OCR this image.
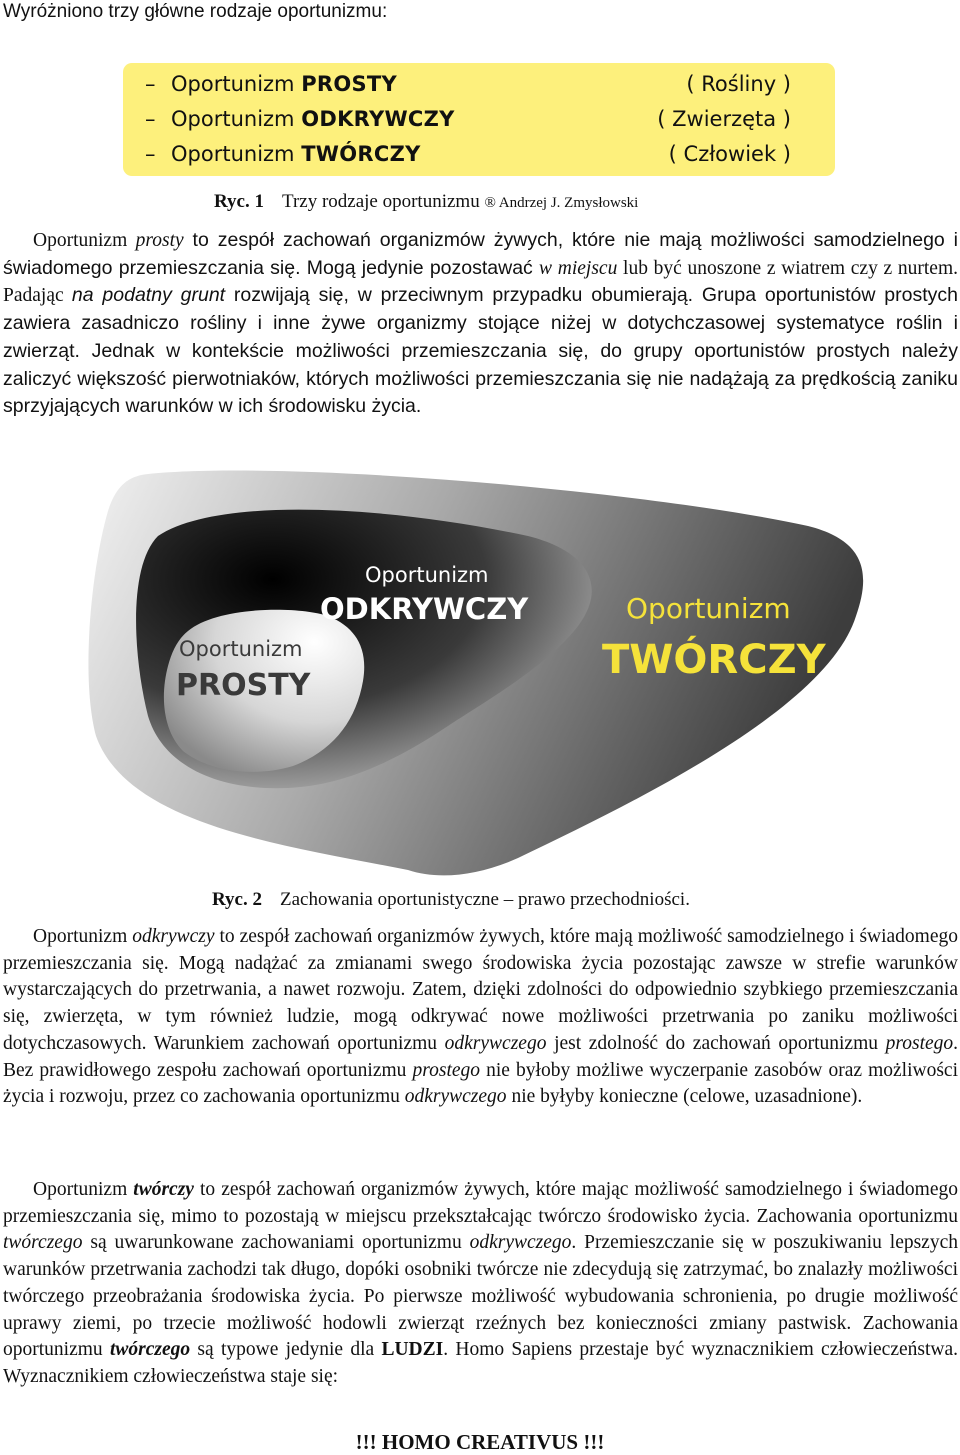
Wyróżniono trzy główne rodzaje oportunizmu:
– Oportunizm PROSTY	( Rośliny )
– Oportunizm ODKRYWCZY	( Zwierzęta )
– Oportunizm TWÓRCZY	( Człowiek )
Ryc. 1 Trzy rodzaje oportunizmu ® Andrzej J. Zmysłowski

Oportunizm prosty to zespół zachowań organizmów żywych, które nie mają możliwości samodzielnego i świadomego przemieszczania się. Mogą jedynie pozostawać w miejscu lub być unoszone z wiatrem czy z nurtem. Padając na podatny grunt rozwijają się, w przeciwnym przypadku obumierają. Grupa oportunistów prostych zawiera zasadniczo rośliny i inne żywe organizmy stojące niżej w dotychczasowej systematyce roślin i zwierząt. Jednak w kontekście możliwości przemieszczania się, do grupy oportunistów prostych należy zaliczyć większość pierwotniaków, których możliwości przemieszczania się nie nadążają za prędkością zaniku sprzyjających warunków w ich środowisku życia.

Oportunizm
PROSTY
Oportunizm
ODKRYWCZY	Oportunizm
TWÓRCZY
Ryc. 2 Zachowania oportunistyczne – prawo przechodniości.

Oportunizm odkrywczy to zespół zachowań organizmów żywych, które mają możliwość samodzielnego i świadomego przemieszczania się. Mogą nadążać za zmianami swego środowiska życia pozostając zawsze w strefie warunków wystarczających do przetrwania, a nawet rozwoju. Zatem, dzięki zdolności do odpowiednio szybkiego przemieszczania się, zwierzęta, w tym również ludzie, mogą odkrywać nowe możliwości przetrwania po zaniku możliwości dotychczasowych. Warunkiem zachowań oportunizmu odkrywczego jest zdolność do zachowań oportunizmu prostego. Bez prawidłowego zespołu zachowań oportunizmu prostego nie byłoby możliwe wyczerpanie zasobów oraz możliwości życia i rozwoju, przez co zachowania oportunizmu odkrywczego nie byłyby konieczne (celowe, uzasadnione).

Oportunizm twórczy to zespół zachowań organizmów żywych, które mając możliwość samodzielnego i świadomego przemieszczania się, mimo to pozostają w miejscu przekształcając twórczo środowisko życia. Zachowania oportunizmu twórczego są uwarunkowane zachowaniami oportunizmu odkrywczego. Przemieszczanie się w poszukiwaniu lepszych warunków przetrwania zachodzi tak długo, dopóki osobniki twórcze nie zdecydują się zatrzymać, bo znalazły możliwości twórczego przeobrażania środowiska życia. Po pierwsze możliwość wybudowania schronienia, po drugie możliwość uprawy ziemi, po trzecie możliwość hodowli zwierząt rzeźnych bez konieczności zmiany pastwisk. Zachowania oportunizmu twórczego są typowe jedynie dla LUDZI. Homo Sapiens przestaje być wyznacznikiem człowieczeństwa. Wyznacznikiem człowieczeństwa staje się:

!!! HOMO CREATIVUS !!!
